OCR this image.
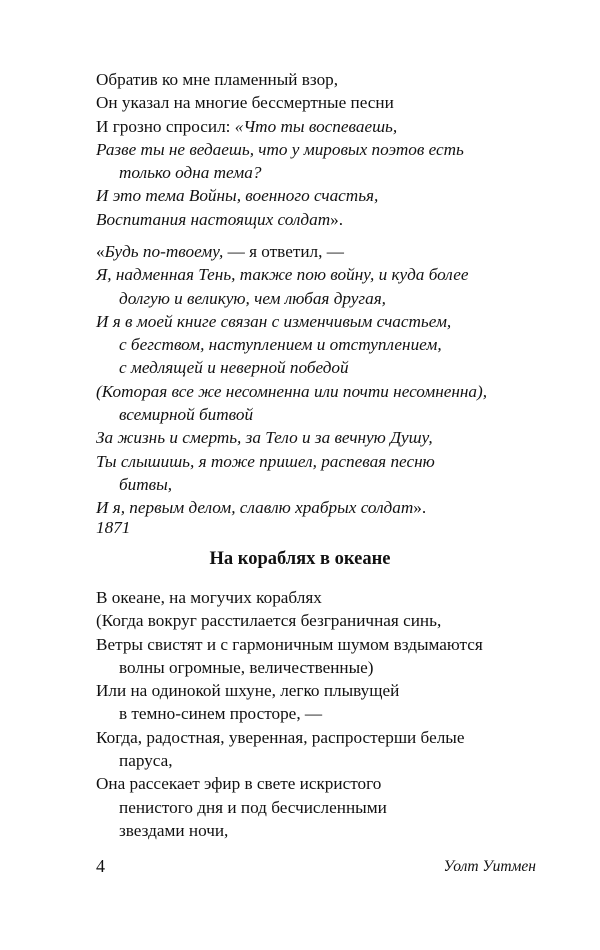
Обратив ко мне пламенный взор,
Он указал на многие бессмертные песни
И грозно спросил: «Что ты воспеваешь,
Разве ты не ведаешь, что у мировых поэтов есть
только одна тема?
И это тема Войны, военного счастья,
Воспитания настоящих солдат».
«Будь по-твоему, — я ответил, —
Я, надменная Тень, также пою войну, и куда более
долгую и великую, чем любая другая,
И я в моей книге связан с изменчивым счастьем,
с бегством, наступлением и отступлением,
с медлящей и неверной победой
(Которая все же несомненна или почти несомненна),
всемирной битвой
За жизнь и смерть, за Тело и за вечную Душу,
Ты слышишь, я тоже пришел, распевая песню
битвы,
И я, первым делом, славлю храбрых солдат».
1871
На кораблях в океане
В океане, на могучих кораблях
(Когда вокруг расстилается безграничная синь,
Ветры свистят и с гармоничным шумом вздымаются
волны огромные, величественные)
Или на одинокой шхуне, легко плывущей
в темно-синем просторе, —
Когда, радостная, уверенная, распростерши белые
паруса,
Она рассекает эфир в свете искристого
пенистого дня и под бесчисленными
звездами ночи,
4	Уолт Уитмен
